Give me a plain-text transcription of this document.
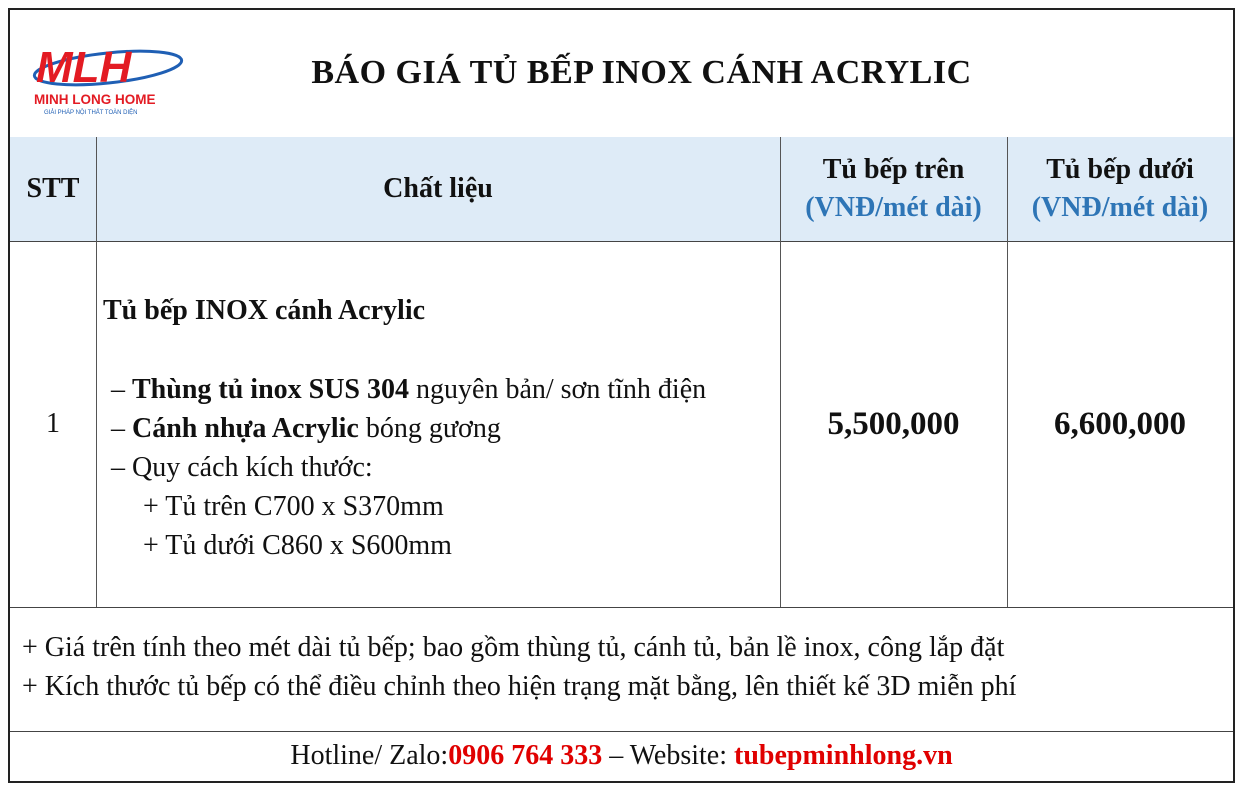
MLH
MINH LONG HOME
GIẢI PHÁP NỘI THẤT TOÀN DIỆN
BÁO GIÁ TỦ BẾP INOX CÁNH ACRYLIC
STT	Chất liệu
Tủ bếp trên
(VNĐ/mét dài)
Tủ bếp dưới
(VNĐ/mét dài)
1
Tủ bếp INOX cánh Acrylic
– Thùng tủ inox SUS 304 nguyên bản/ sơn tĩnh điện
– Cánh nhựa Acrylic bóng gương
– Quy cách kích thước:
+ Tủ trên C700 x S370mm
+ Tủ dưới C860 x S600mm
5,500,000	6,600,000
+ Giá trên tính theo mét dài tủ bếp; bao gồm thùng tủ, cánh tủ, bản lề inox, công lắp đặt
+ Kích thước tủ bếp có thể điều chỉnh theo hiện trạng mặt bằng, lên thiết kế 3D miễn phí
Hotline/ Zalo: 0906 764 333 – Website: tubepminhlong.vn
